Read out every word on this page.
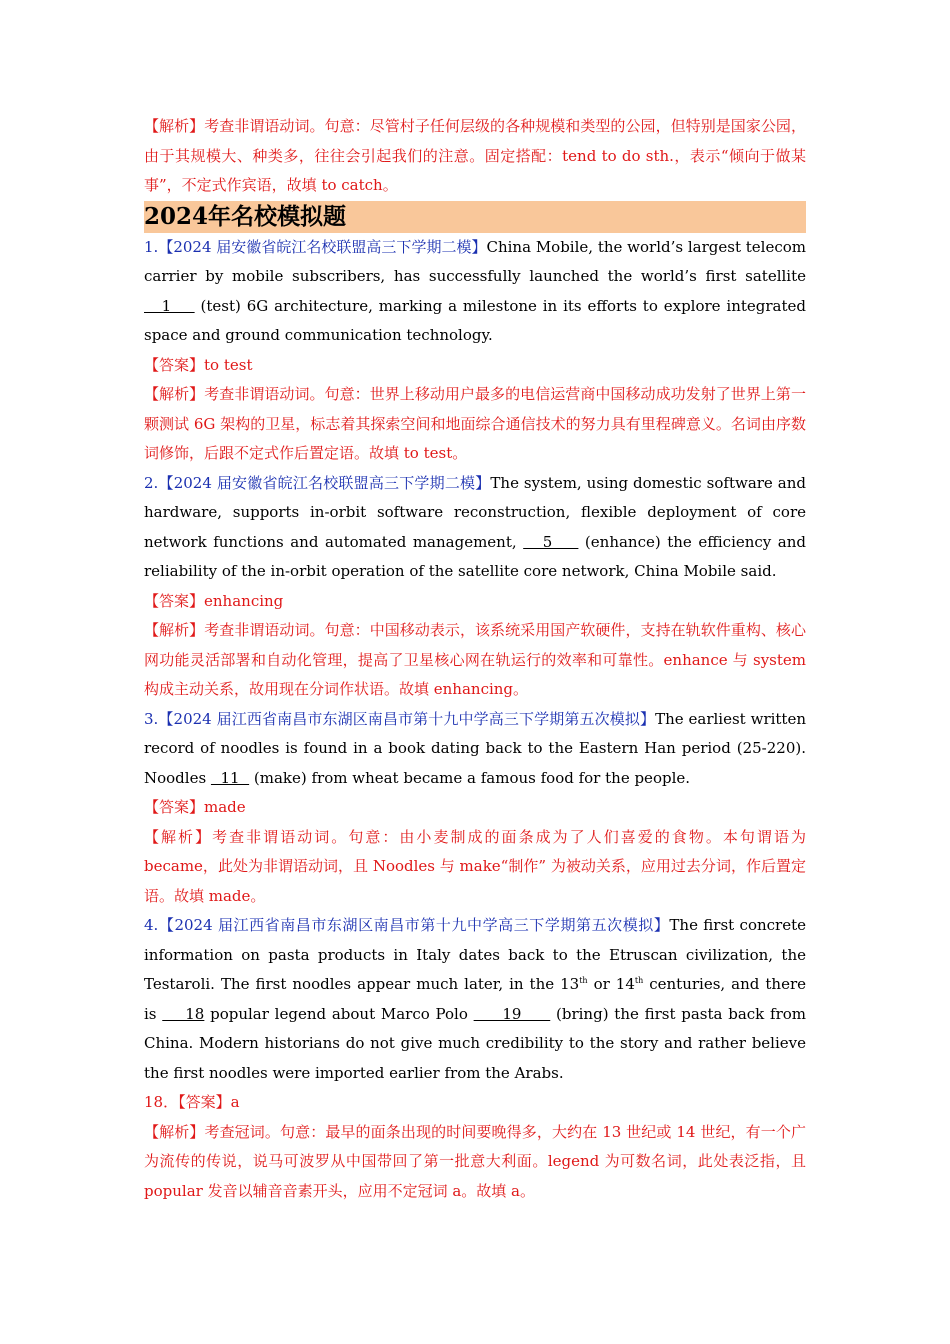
【解析】考查非谓语动词。句意：尽管村子任何层级的各种规模和类型的公园，但特别是国家公园，由于其规模大、种类多，往往会引起我们的注意。固定搭配：tend to do sth.，表示“倾向于做某事”，不定式作宾语，故填 to catch。

2024年名校模拟题

1.【2024 届安徽省皖江名校联盟高三下学期二模】China Mobile, the world’s largest telecom carrier by mobile subscribers, has successfully launched the world’s first satellite    1     (test) 6G architecture, marking a milestone in its efforts to explore integrated space and ground communication technology.

【答案】to test

【解析】考查非谓语动词。句意：世界上移动用户最多的电信运营商中国移动成功发射了世界上第一颗测试 6G 架构的卫星，标志着其探索空间和地面综合通信技术的努力具有里程碑意义。名词由序数词修饰，后跟不定式作后置定语。故填 to test。

2.【2024 届安徽省皖江名校联盟高三下学期二模】The system, using domestic software and hardware, supports in-orbit software reconstruction, flexible deployment of core network functions and automated management,    5     (enhance) the efficiency and reliability of the in-orbit operation of the satellite core network, China Mobile said.

【答案】enhancing

【解析】考查非谓语动词。句意：中国移动表示，该系统采用国产软硬件，支持在轨软件重构、核心网功能灵活部署和自动化管理，提高了卫星核心网在轨运行的效率和可靠性。enhance 与 system 构成主动关系，故用现在分词作状语。故填 enhancing。

3.【2024 届江西省南昌市东湖区南昌市第十九中学高三下学期第五次模拟】The earliest written record of noodles is found in a book dating back to the Eastern Han period (25-220). Noodles   11   (make) from wheat became a famous food for the people.

【答案】made

【解析】考查非谓语动词。句意：由小麦制成的面条成为了人们喜爱的食物。本句谓语为 became，此处为非谓语动词，且 Noodles 与 make“制作” 为被动关系，应用过去分词，作后置定语。故填 made。

4.【2024 届江西省南昌市东湖区南昌市第十九中学高三下学期第五次模拟】The first concrete information on pasta products in Italy dates back to the Etruscan civilization, the Testaroli. The first noodles appear much later, in the 13th or 14th centuries, and there is     18 popular legend about Marco Polo      19      (bring) the first pasta back from China. Modern historians do not give much credibility to the story and rather believe the first noodles were imported earlier from the Arabs.

18．【答案】a

【解析】考查冠词。句意：最早的面条出现的时间要晚得多，大约在 13 世纪或 14 世纪，有一个广为流传的传说，说马可波罗从中国带回了第一批意大利面。legend 为可数名词，此处表泛指，且 popular 发音以辅音音素开头，应用不定冠词 a。故填 a。
